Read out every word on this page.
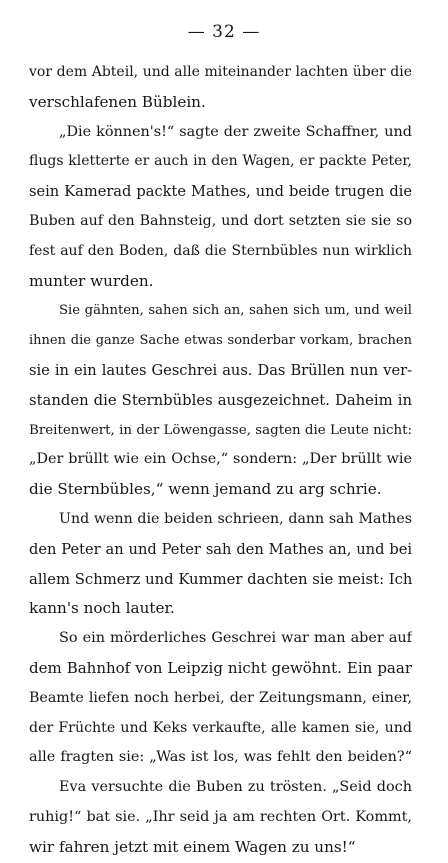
— 32 —
vor dem Abteil, und alle miteinander lachten über die
verschlafenen Büblein.
„Die können's!“ sagte der zweite Schaffner, und
flugs kletterte er auch in den Wagen, er packte Peter,
sein Kamerad packte Mathes, und beide trugen die
Buben auf den Bahnsteig, und dort setzten sie sie so
fest auf den Boden, daß die Sternbübles nun wirklich
munter wurden.
Sie gähnten, sahen sich an, sahen sich um, und weil
ihnen die ganze Sache etwas sonderbar vorkam, brachen
sie in ein lautes Geschrei aus. Das Brüllen nun ver-
standen die Sternbübles ausgezeichnet. Daheim in
Breitenwert, in der Löwengasse, sagten die Leute nicht:
„Der brüllt wie ein Ochse,“ sondern: „Der brüllt wie
die Sternbübles,“ wenn jemand zu arg schrie.
Und wenn die beiden schrieen, dann sah Mathes
den Peter an und Peter sah den Mathes an, und bei
allem Schmerz und Kummer dachten sie meist: Ich
kann's noch lauter.
So ein mörderliches Geschrei war man aber auf
dem Bahnhof von Leipzig nicht gewöhnt. Ein paar
Beamte liefen noch herbei, der Zeitungsmann, einer,
der Früchte und Keks verkaufte, alle kamen sie, und
alle fragten sie: „Was ist los, was fehlt den beiden?“
Eva versuchte die Buben zu trösten. „Seid doch
ruhig!“ bat sie. „Ihr seid ja am rechten Ort. Kommt,
wir fahren jetzt mit einem Wagen zu uns!“
